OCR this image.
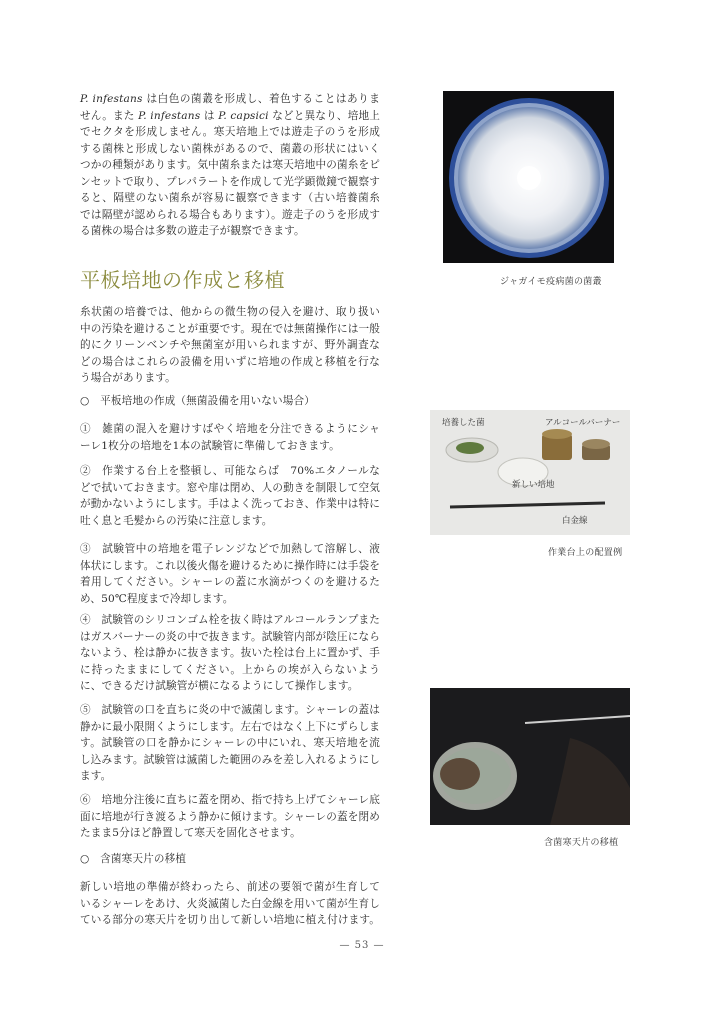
P. infestans は白色の菌叢を形成し、着色することはありません。また P. infestans は P. capsici などと異なり、培地上でセクタを形成しません。寒天培地上では遊走子のうを形成する菌株と形成しない菌株があるので、菌叢の形状にはいくつかの種類があります。気中菌糸または寒天培地中の菌糸をピンセットで取り、プレパラートを作成して光学顕微鏡で観察すると、隔壁のない菌糸が容易に観察できます（古い培養菌糸では隔壁が認められる場合もあります）。遊走子のうを形成する菌株の場合は多数の遊走子が観察できます。

平板培地の作成と移植

糸状菌の培養では、他からの微生物の侵入を避け、取り扱い中の汚染を避けることが重要です。現在では無菌操作には一般的にクリーンベンチや無菌室が用いられますが、野外調査などの場合はこれらの設備を用いずに培地の作成と移植を行なう場合があります。

○　平板培地の作成（無菌設備を用いない場合）

①　雑菌の混入を避けすばやく培地を分注できるようにシャーレ1枚分の培地を1本の試験管に準備しておきます。

②　作業する台上を整頓し、可能ならば　70%エタノールなどで拭いておきます。窓や扉は閉め、人の動きを制限して空気が動かないようにします。手はよく洗っておき、作業中は特に吐く息と毛髪からの汚染に注意します。

③　試験管中の培地を電子レンジなどで加熱して溶解し、液体状にします。これ以後火傷を避けるために操作時には手袋を着用してください。シャーレの蓋に水滴がつくのを避けるため、50℃程度まで冷却します。

④　試験管のシリコンゴム栓を抜く時はアルコールランプまたはガスバーナーの炎の中で抜きます。試験管内部が陰圧にならないよう、栓は静かに抜きます。抜いた栓は台上に置かず、手に持ったままにしてください。上からの埃が入らないように、できるだけ試験管が横になるようにして操作します。

⑤　試験管の口を直ちに炎の中で滅菌します。シャーレの蓋は静かに最小限開くようにします。左右ではなく上下にずらします。試験管の口を静かにシャーレの中にいれ、寒天培地を流し込みます。試験管は滅菌した範囲のみを差し入れるようにします。

⑥　培地分注後に直ちに蓋を閉め、指で持ち上げてシャーレ底面に培地が行き渡るよう静かに傾けます。シャーレの蓋を閉めたまま5分ほど静置して寒天を固化させます。

○　含菌寒天片の移植

新しい培地の準備が終わったら、前述の要領で菌が生育しているシャーレをあけ、火炎滅菌した白金線を用いて菌が生育している部分の寒天片を切り出して新しい培地に植え付けます。

ジャガイモ疫病菌の菌叢
培養した菌	アルコールバーナー
新しい培地
白金線
作業台上の配置例
含菌寒天片の移植
— 53 —
